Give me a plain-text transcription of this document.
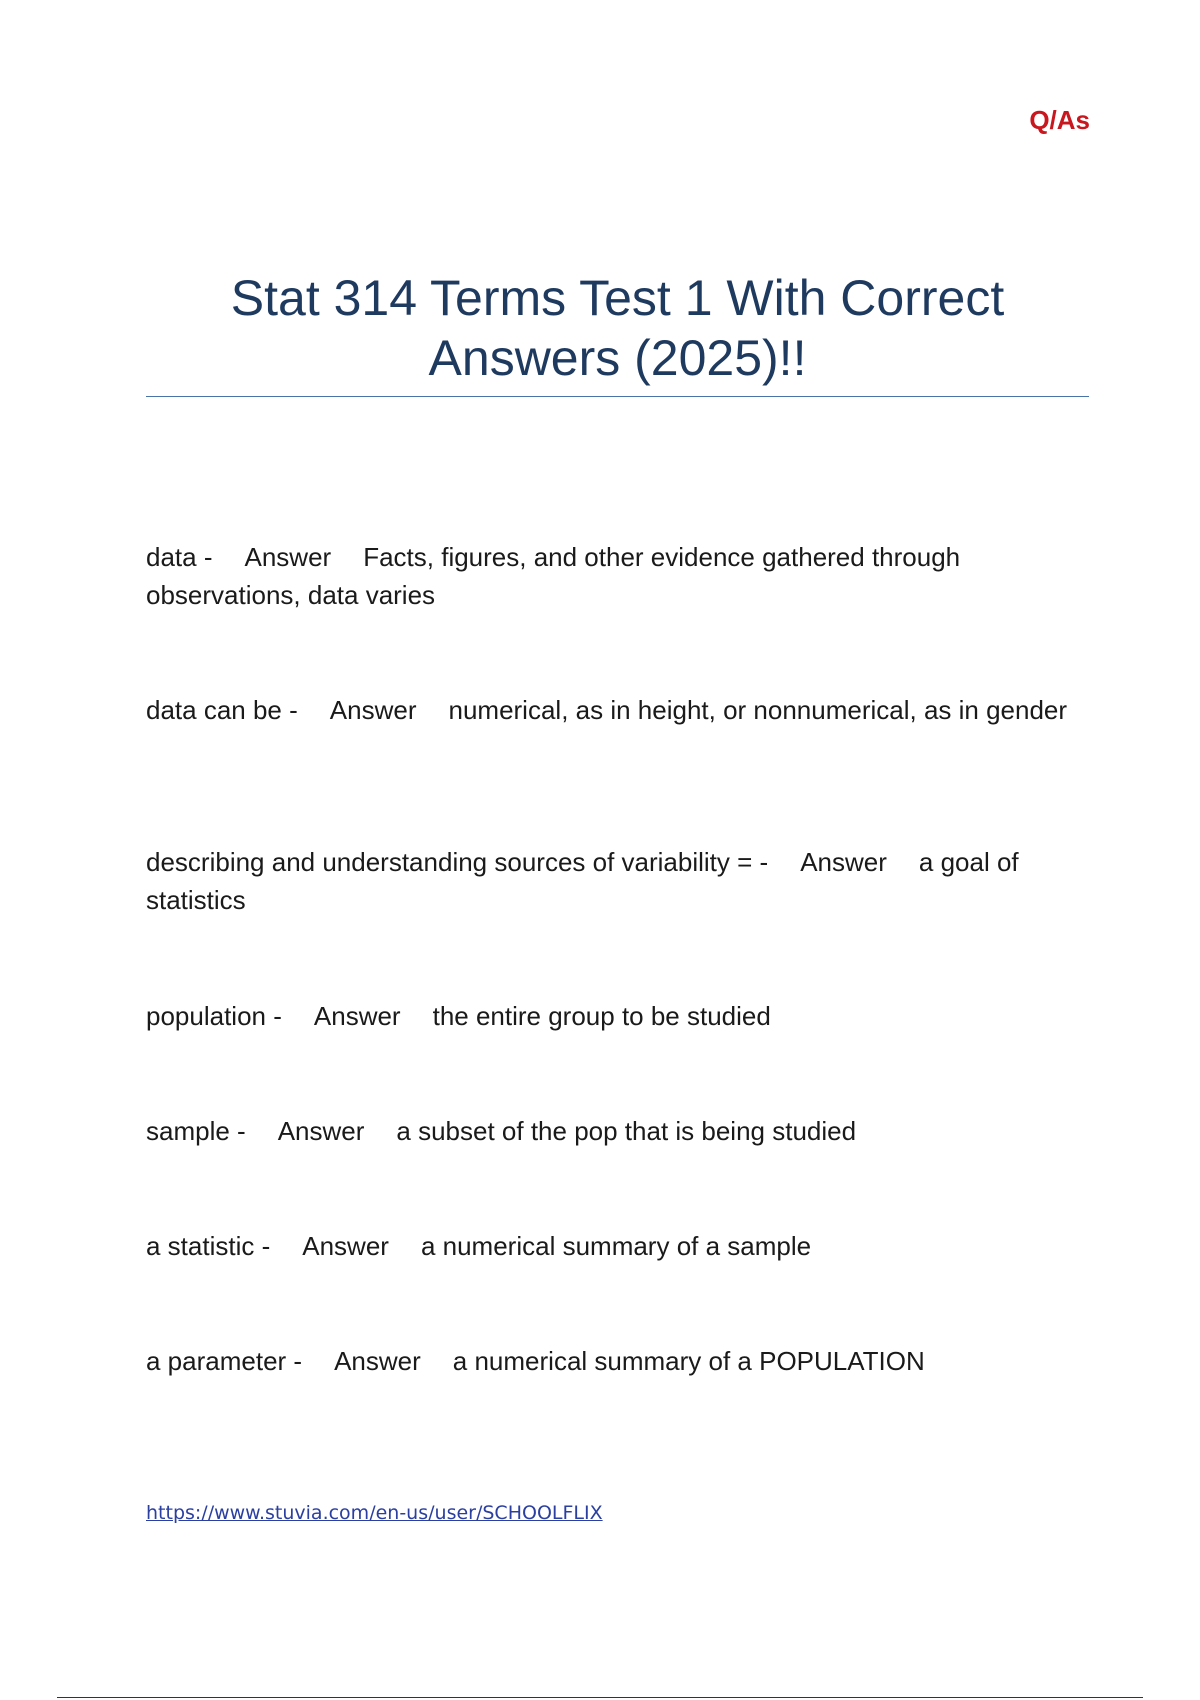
Q/As
Stat 314 Terms Test 1 With Correct Answers (2025)!!

data - Answer Facts, figures, and other evidence gathered through observations, data varies

data can be - Answer numerical, as in height, or nonnumerical, as in gender

describing and understanding sources of variability = - Answer a goal of statistics

population - Answer the entire group to be studied

sample - Answer a subset of the pop that is being studied

a statistic - Answer a numerical summary of a sample

a parameter - Answer a numerical summary of a POPULATION

https://www.stuvia.com/en-us/user/SCHOOLFLIX
